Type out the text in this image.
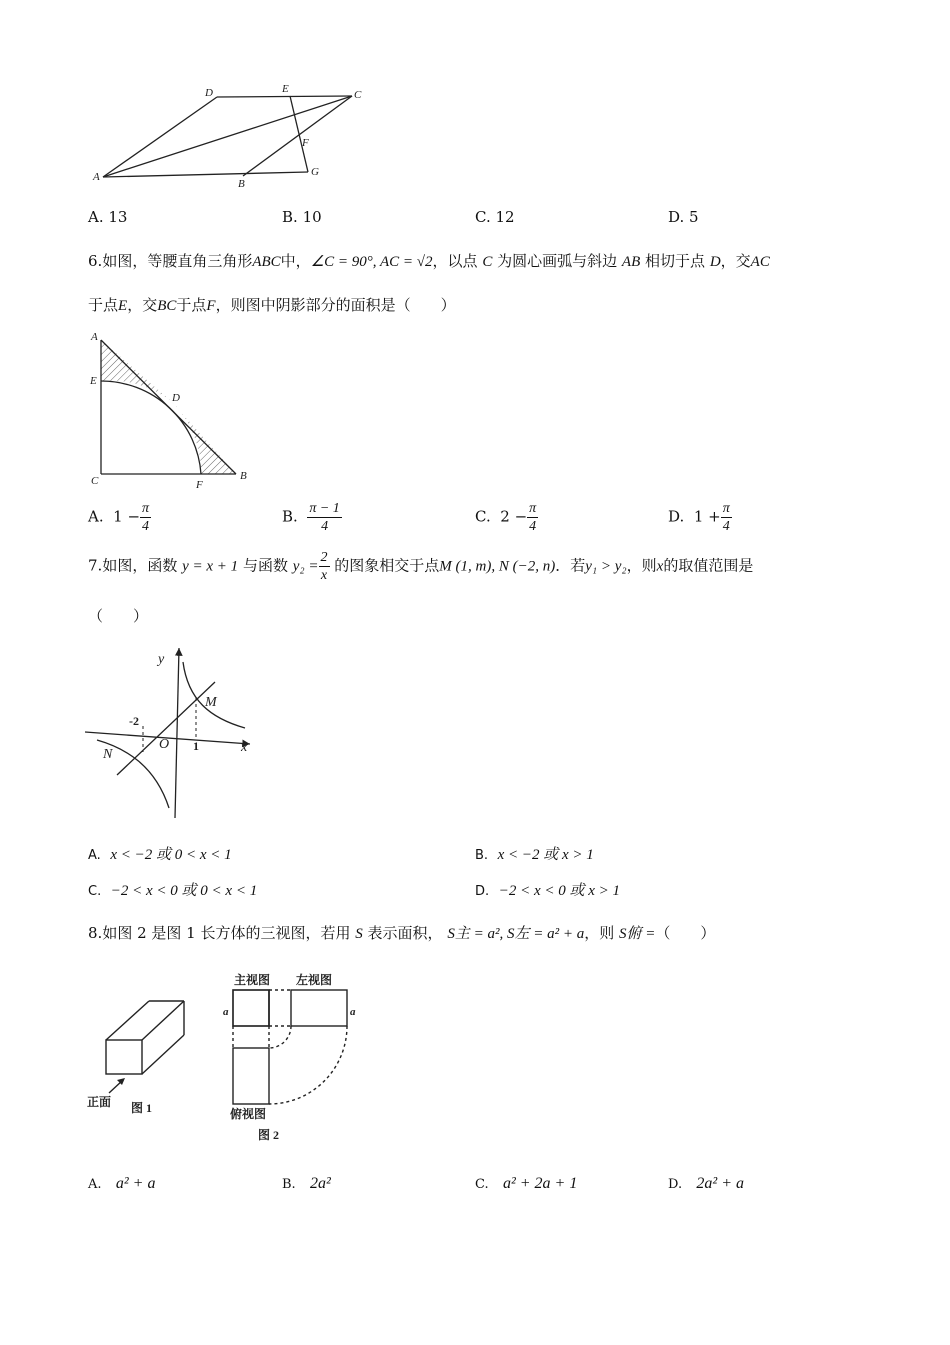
A
D	E	C
F
G
B
A. 13	B. 10	C. 12	D. 5
6.如图，等腰直角三角形ABC中，∠C = 90°, AC = √2，以点 C 为圆心画弧与斜边 AB 相切于点 D，交AC
于点E，交BC于点F，则图中阴影部分的面积是（　　）
A
E
D
C	F
B
A. $1 - \frac{\pi}{4}$	B. $\frac{\pi - 1}{4}$	C. $2 - \frac{\pi}{4}$	D. $1 + \frac{\pi}{4}$
7.如图，函数 y = x + 1 与函数 $y_2 = \frac{2}{x}$ 的图象相交于点M (1, m), N (−2, n)．若y₁ > y₂，则x的取值范围是
（　　）
y
x
M
N
O
-2
1
A. x < −2 或 0 < x < 1	B. x < −2 或 x > 1
C. −2 < x < 0 或 0 < x < 1	D. −2 < x < 0 或 x > 1
8.如图 2 是图 1 长方体的三视图，若用 S 表示面积， S主 = a², S左 = a² + a，则 S俯 =（　　）
正面 图 1
主视图 左视图
俯视图
图 2
a	a
A. a² + a	B. 2a²	C. a² + 2a + 1	D. 2a² + a
